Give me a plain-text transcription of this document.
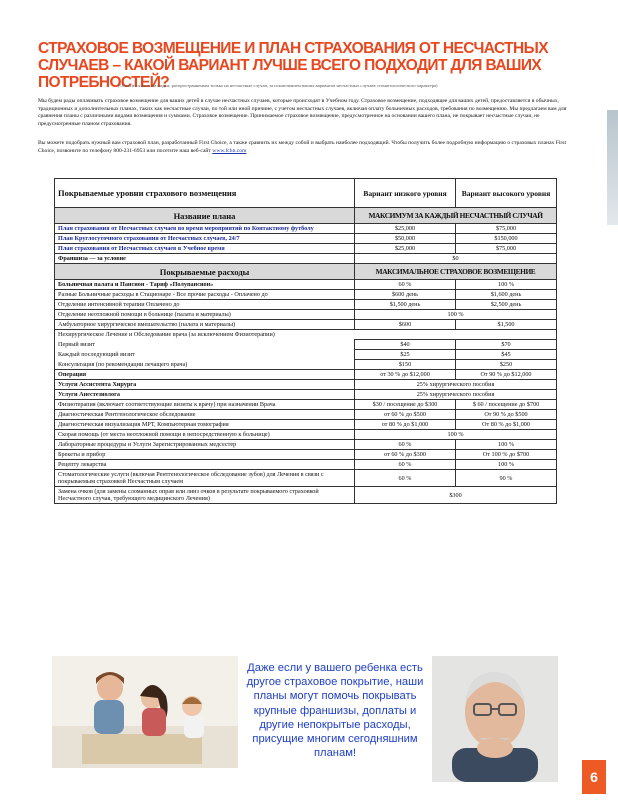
СТРАХОВОЕ ВОЗМЕЩЕНИЕ И ПЛАН СТРАХОВАНИЯ ОТ НЕСЧАСТНЫХ СЛУЧАЕВ – КАКОЙ ВАРИАНТ ЛУЧШЕ ВСЕГО ПОДХОДИТ ДЛЯ ВАШИХ ПОТРЕБНОСТЕЙ?
(Относится ко всем видам, распространяемым только на несчастные случаи, за исключением ваших вариантов несчастных случаев стоматологического характера)

Мы будем рады оплачивать страховое возмещение для ваших детей в случае несчастных случаев, которые происходят в Учебном году. Страховое возмещение, подходящее для ваших детей, предоставляется в обычных, традиционных и дополнительных планах, таких как несчастные случаи, по той или иной причине, с учетом несчастных случаев, включая оплату больничных расходов, требования по возмещению. Мы предлагаем вам для сравнения планы с различными видами возмещения и суммами. Страховое возмещение. Принимаемое страховое возмещение, предусмотренное на основании вашего плана, не покрывает несчастные случаи, не предусмотренные планом страхования.

Вы можете подобрать нужный вам страховой план, разработанный First Choice, а также сравнить их между собой и выбрать наиболее подходящий. Чтобы получить более подробную информацию о страховых планах First Choice, позвоните по телефону 800-231-6953 или посетите наш веб-сайт www.fchn.com

Покрываемые уровни страхового возмещения	Вариант низкого уровня	Вариант высокого уровня
Название плана	МАКСИМУМ ЗА КАЖДЫЙ НЕСЧАСТНЫЙ СЛУЧАЙ	
План страхования от Несчастных случаев во время мероприятий по Контактному футболу	$25,000	$75,000
План Круглосуточного страхования от Несчастных случаев, 24/7	$50,000	$150,000
План страхования от Несчастных случаев в Учебное время	$25,000	$75,000
Франшиза — за условие	$0	
Покрываемые расходы	МАКСИМАЛЬНОЕ СТРАХОВОЕ ВОЗМЕЩЕНИЕ	
Больничная палата и Пансион - Тариф «Полупансион»	60 %	100 %
Разные Больничные расходы в Стационаре - Все прочие расходы - Оплачено до	$600 день	$1,600 день
Отделение интенсивной терапии Оплачено до	$1,500 день	$2,500 день
Отделение неотложной помощи в больнице (палата и материалы)	100 %	
Амбулаторное хирургическое вмешательство (палата и материалы)	$600	$1,500
Нехирургическое Лечение и Обследование врача (за исключением Физиотерапии)		
Первый визит	$40	$70
Каждый последующий визит	$25	$45
Консультация (по рекомендации лечащего врача)	$150	$250
Операция	от 30 % до $12,000	От 90 % до $12,000
Услуги Ассистента Хирурга	25% хирургического пособия	
Услуги Анестезиолога	25% хирургического пособия	
Физиотерапия (включает соответствующие визиты к врачу) при назначении Врача	$30 / посещение до $300	$ 60 / посещение до $700
Диагностическая Рентгенологическое обследование	от 60 % до $500	От 90 % до $500
Диагностическая визуализация МРТ, Компьютерная томография	от 80 % до $1,000	От 80 % до $1,000
Скорая помощь (от места неотложной помощи в непосредственную к больнице)	100 %	
Лабораторные процедуры и Услуги Зарегистрированных медсестер	60 %	100 %
Брекеты и прибор	от 60 % до $300	От 100 % до $700
Рецепту лекарства	60 %	100 %
Стоматологические услуги (включая Рентгенологическое обследование зубов) для Лечения в связи с покрываемым страховкой Несчастным случаем	60 %	90 %
Замена очков (для замены сломанных оправ или линз очков в результате покрываемого страховкой Несчастного случая, требующего медицинского Лечения)	$300	
Даже если у вашего ребенка есть другое страховое покрытие, наши планы могут помочь покрывать крупные франшизы, доплаты и другие непокрытые расходы, присущие многим сегодняшним планам!
6
